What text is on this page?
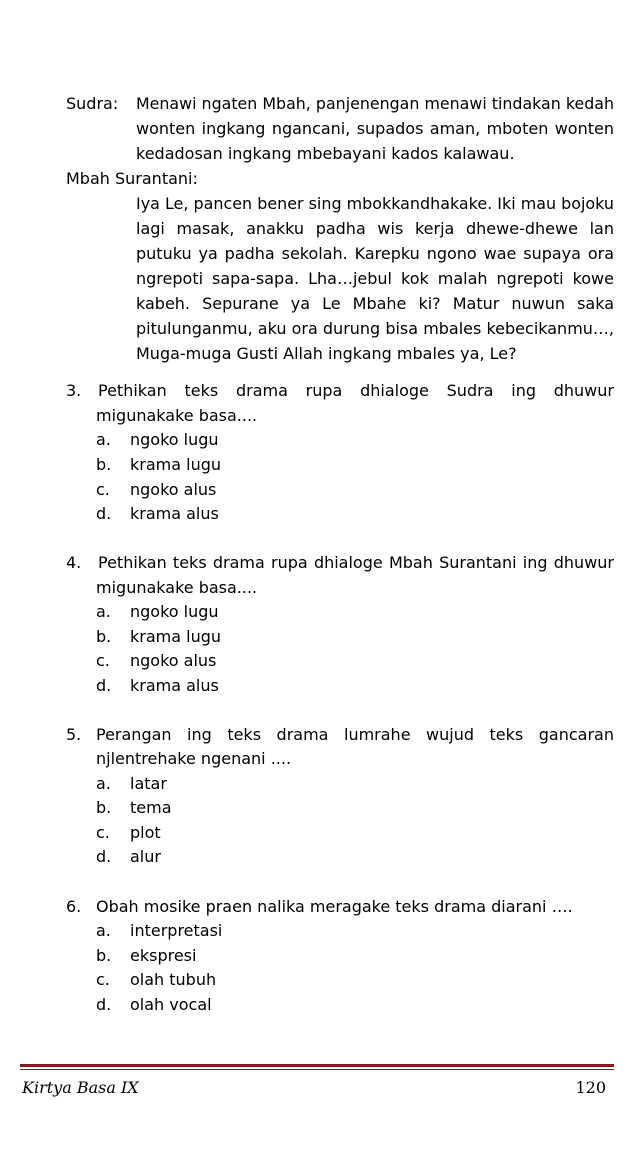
Sudra: Menawi ngaten Mbah, panjenengan menawi tindakan kedah
wonten ingkang ngancani, supados aman, mboten wonten
kedadosan ingkang mbebayani kados kalawau.
Mbah Surantani:
Iya Le, pancen bener sing mbokkandhakake. Iki mau bojoku
lagi masak, anakku padha wis kerja dhewe-dhewe lan
putuku ya padha sekolah. Karepku ngono wae supaya ora
ngrepoti sapa-sapa. Lha…jebul kok malah ngrepoti kowe
kabeh. Sepurane ya Le Mbahe ki? Matur nuwun saka
pitulunganmu, aku ora durung bisa mbales kebecikanmu…,
Muga-muga Gusti Allah ingkang mbales ya, Le?
3. Pethikan teks drama rupa dhialoge Sudra ing dhuwur
migunakake basa....
a. ngoko lugu
b. krama lugu
c. ngoko alus
d. krama alus
4. Pethikan teks drama rupa dhialoge Mbah Surantani ing dhuwur
migunakake basa....
a. ngoko lugu
b. krama lugu
c. ngoko alus
d. krama alus
5. Perangan ing teks drama lumrahe wujud teks gancaran
njlentrehake ngenani ....
a. latar
b. tema
c. plot
d. alur
6. Obah mosike praen nalika meragake teks drama diarani ….
a. interpretasi
b. ekspresi
c. olah tubuh
d. olah vocal
Kirtya Basa IX	120
